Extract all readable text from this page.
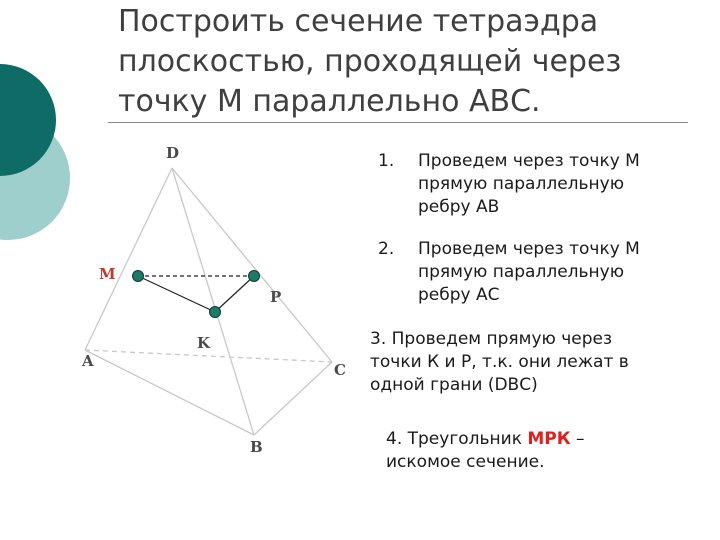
Построить сечение тетраэдра
плоскостью, проходящей через
точку М параллельно АВС.
D
M
P
A
K
C
B
1. Проведем через точку М
прямую параллельную
ребру АВ
2. Проведем через точку М
прямую параллельную
ребру АС
3. Проведем прямую через
точки К и Р, т.к. они лежат в
одной грани (DВС)
4. Треугольник МРК –
искомое сечение.
